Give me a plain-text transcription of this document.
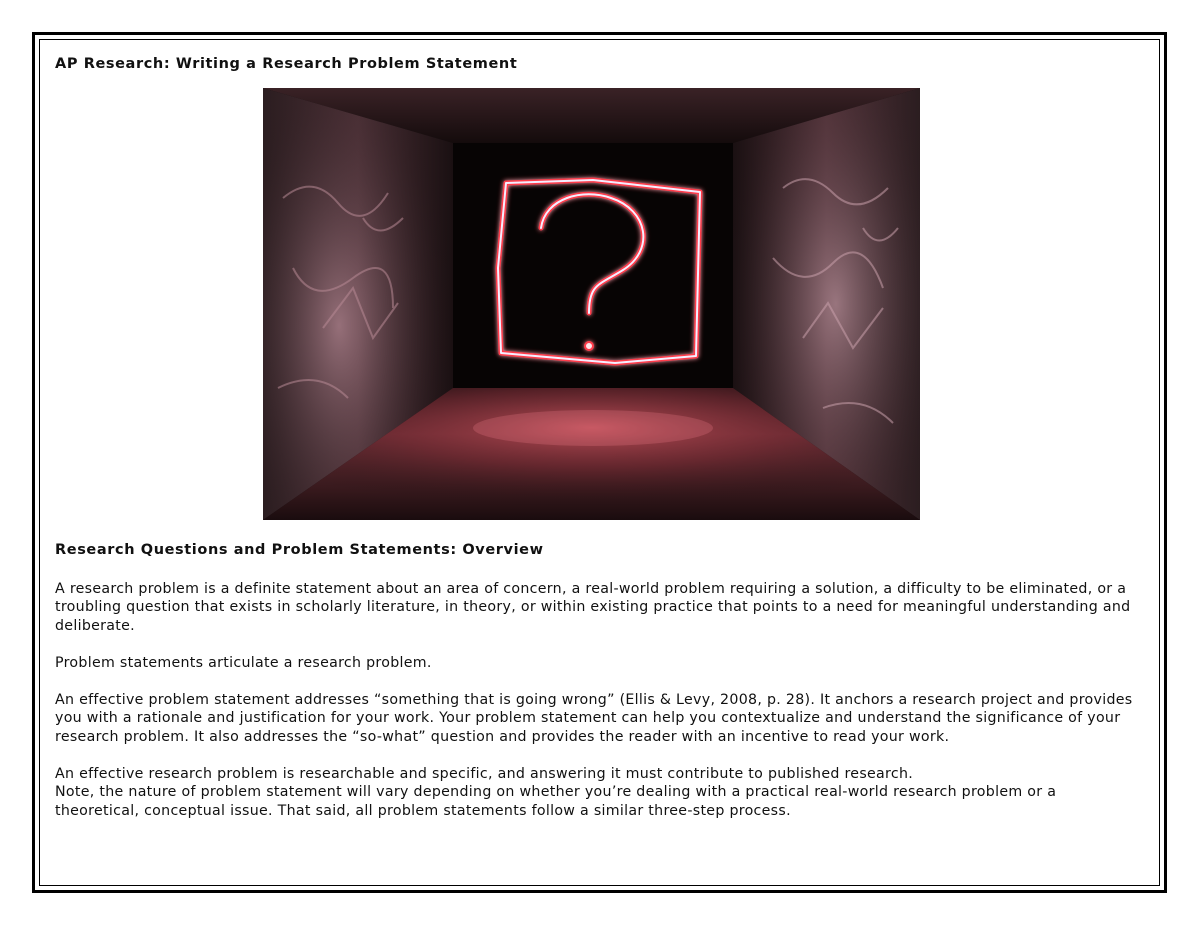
AP Research: Writing a Research Problem Statement
Research Questions and Problem Statements: Overview

A research problem is a definite statement about an area of concern, a real-world problem requiring a solution, a difficulty to be eliminated, or a troubling question that exists in scholarly literature, in theory, or within existing practice that points to a need for meaningful understanding and deliberate.

Problem statements articulate a research problem.

An effective problem statement addresses “something that is going wrong” (Ellis & Levy, 2008, p. 28). It anchors a research project and provides you with a rationale and justification for your work. Your problem statement can help you contextualize and understand the significance of your research problem. It also addresses the “so-what” question and provides the reader with an incentive to read your work.

An effective research problem is researchable and specific, and answering it must contribute to published research.

Note, the nature of problem statement will vary depending on whether you’re dealing with a practical real-world research problem or a theoretical, conceptual issue. That said, all problem statements follow a similar three-step process.
